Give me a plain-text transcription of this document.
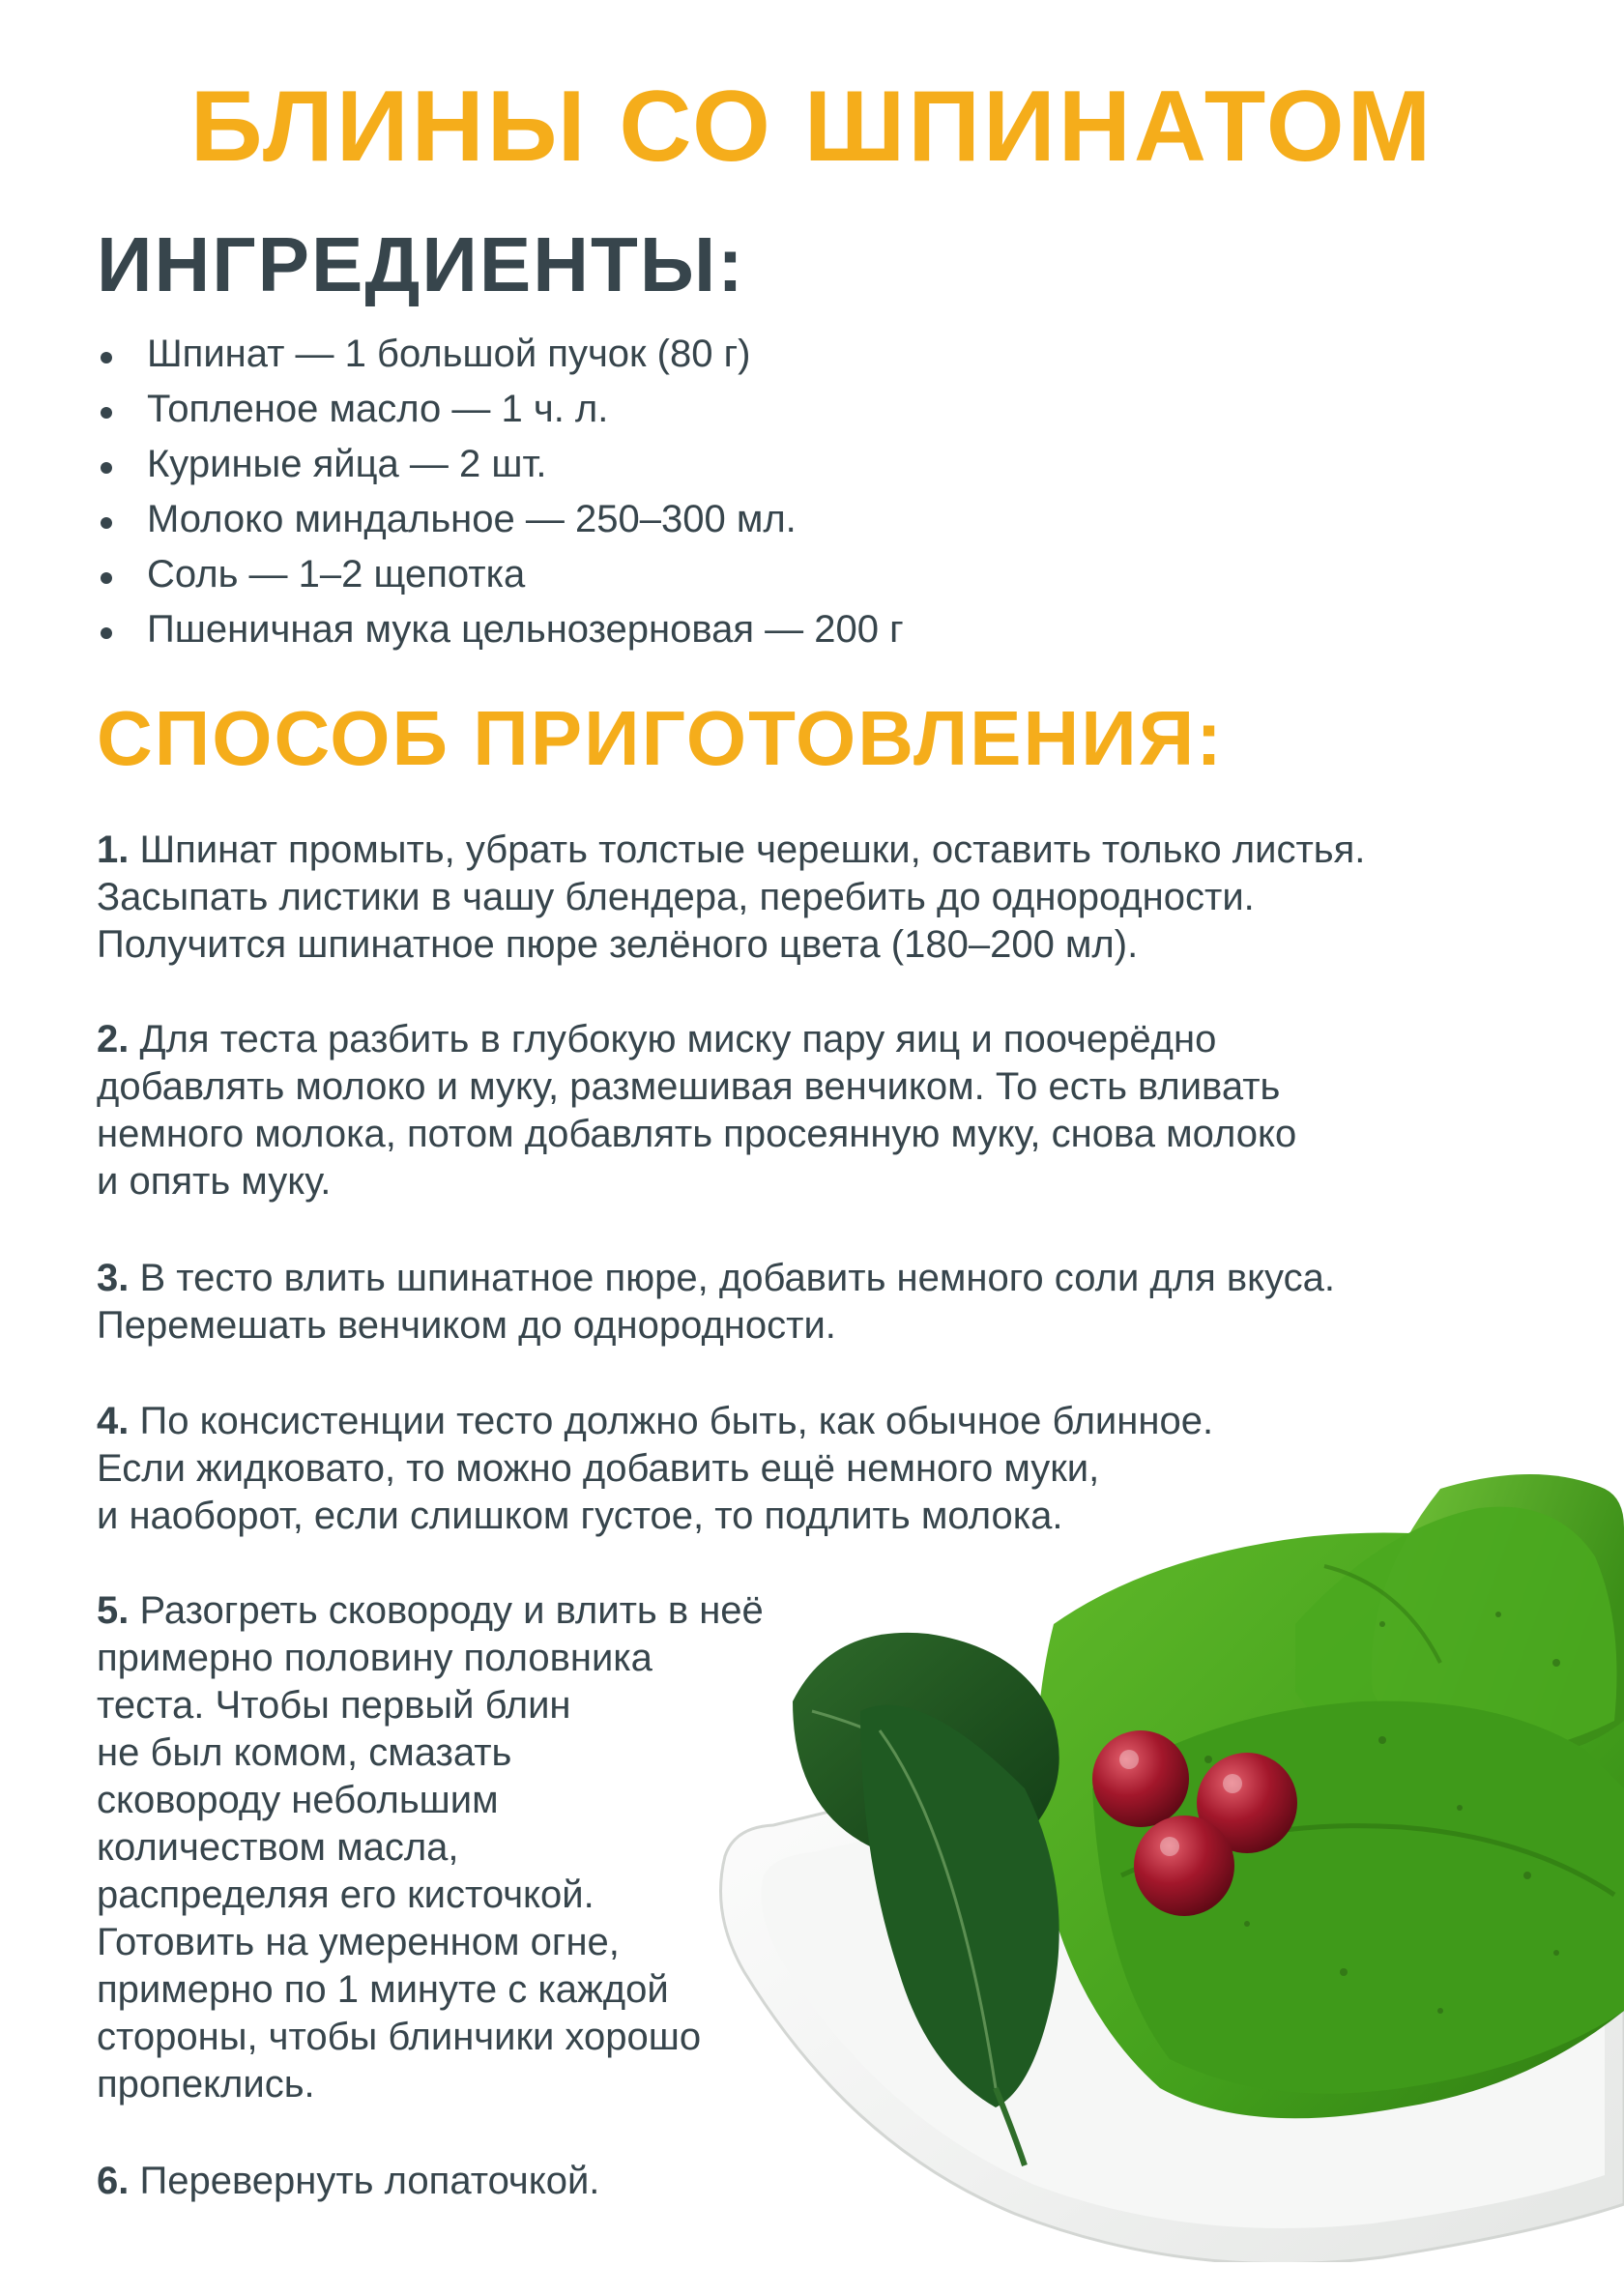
БЛИНЫ СО ШПИНАТОМ
ИНГРЕДИЕНТЫ:
Шпинат — 1 большой пучок (80 г)
Топленое масло — 1 ч. л.
Куриные яйца — 2 шт.
Молоко миндальное — 250–300 мл.
Соль — 1–2 щепотка
Пшеничная мука цельнозерновая — 200 г
СПОСОБ ПРИГОТОВЛЕНИЯ:

1. Шпинат промыть, убрать толстые черешки, оставить только листья.
Засыпать листики в чашу блендера, перебить до однородности.
Получится шпинатное пюре зелёного цвета (180–200 мл).

2. Для теста разбить в глубокую миску пару яиц и поочерёдно
добавлять молоко и муку, размешивая венчиком. То есть вливать
немного молока, потом добавлять просеянную муку, снова молоко
и опять муку.

3. В тесто влить шпинатное пюре, добавить немного соли для вкуса.
Перемешать венчиком до однородности.

4. По консистенции тесто должно быть, как обычное блинное.
Если жидковато, то можно добавить ещё немного муки,
и наоборот, если слишком густое, то подлить молока.

5. Разогреть сковороду и влить в неё
примерно половину половника
теста. Чтобы первый блин
не был комом, смазать
сковороду небольшим
количеством масла,
распределяя его кисточкой.
Готовить на умеренном огне,
примерно по 1 минуте с каждой
стороны, чтобы блинчики хорошо
пропеклись.

6. Перевернуть лопаточкой.
